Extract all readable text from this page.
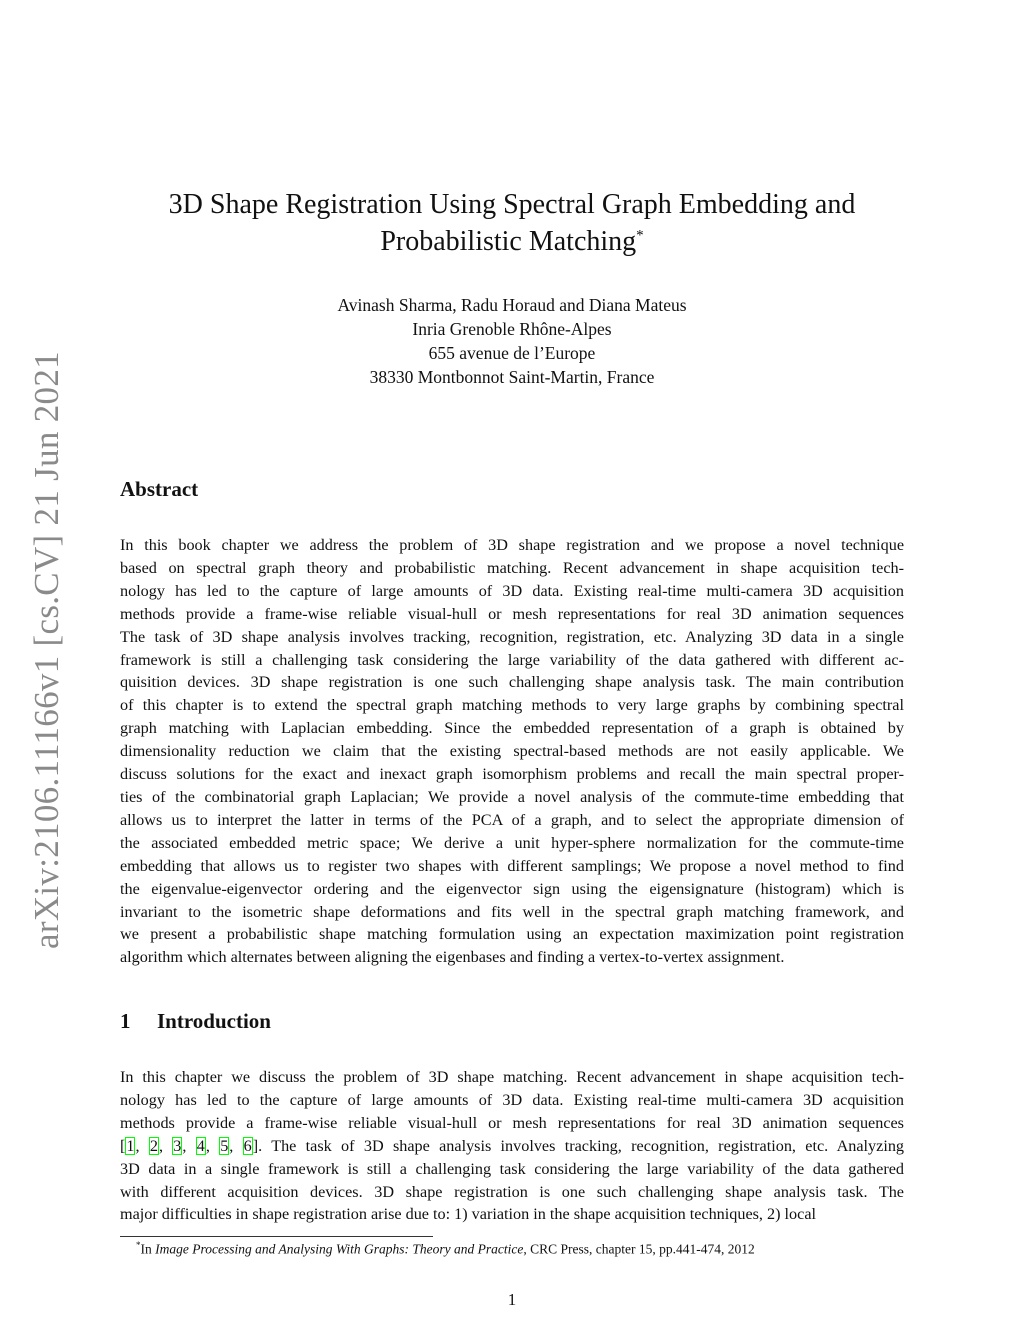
arXiv:2106.11166v1 [cs.CV] 21 Jun 2021
3D Shape Registration Using Spectral Graph Embedding and
Probabilistic Matching*
Avinash Sharma, Radu Horaud and Diana Mateus
Inria Grenoble Rhône-Alpes
655 avenue de l’Europe
38330 Montbonnot Saint-Martin, France
Abstract
In this book chapter we address the problem of 3D shape registration and we propose a novel technique
based on spectral graph theory and probabilistic matching. Recent advancement in shape acquisition tech-
nology has led to the capture of large amounts of 3D data. Existing real-time multi-camera 3D acquisition
methods provide a frame-wise reliable visual-hull or mesh representations for real 3D animation sequences
The task of 3D shape analysis involves tracking, recognition, registration, etc. Analyzing 3D data in a single
framework is still a challenging task considering the large variability of the data gathered with different ac-
quisition devices. 3D shape registration is one such challenging shape analysis task. The main contribution
of this chapter is to extend the spectral graph matching methods to very large graphs by combining spectral
graph matching with Laplacian embedding. Since the embedded representation of a graph is obtained by
dimensionality reduction we claim that the existing spectral-based methods are not easily applicable. We
discuss solutions for the exact and inexact graph isomorphism problems and recall the main spectral proper-
ties of the combinatorial graph Laplacian; We provide a novel analysis of the commute-time embedding that
allows us to interpret the latter in terms of the PCA of a graph, and to select the appropriate dimension of
the associated embedded metric space; We derive a unit hyper-sphere normalization for the commute-time
embedding that allows us to register two shapes with different samplings; We propose a novel method to find
the eigenvalue-eigenvector ordering and the eigenvector sign using the eigensignature (histogram) which is
invariant to the isometric shape deformations and fits well in the spectral graph matching framework, and
we present a probabilistic shape matching formulation using an expectation maximization point registration
algorithm which alternates between aligning the eigenbases and finding a vertex-to-vertex assignment.
1 Introduction
In this chapter we discuss the problem of 3D shape matching. Recent advancement in shape acquisition tech-
nology has led to the capture of large amounts of 3D data. Existing real-time multi-camera 3D acquisition
methods provide a frame-wise reliable visual-hull or mesh representations for real 3D animation sequences
[1, 2, 3, 4, 5, 6]. The task of 3D shape analysis involves tracking, recognition, registration, etc. Analyzing
3D data in a single framework is still a challenging task considering the large variability of the data gathered
with different acquisition devices. 3D shape registration is one such challenging shape analysis task. The
major difficulties in shape registration arise due to: 1) variation in the shape acquisition techniques, 2) local
*In Image Processing and Analysing With Graphs: Theory and Practice, CRC Press, chapter 15, pp.441-474, 2012
1
